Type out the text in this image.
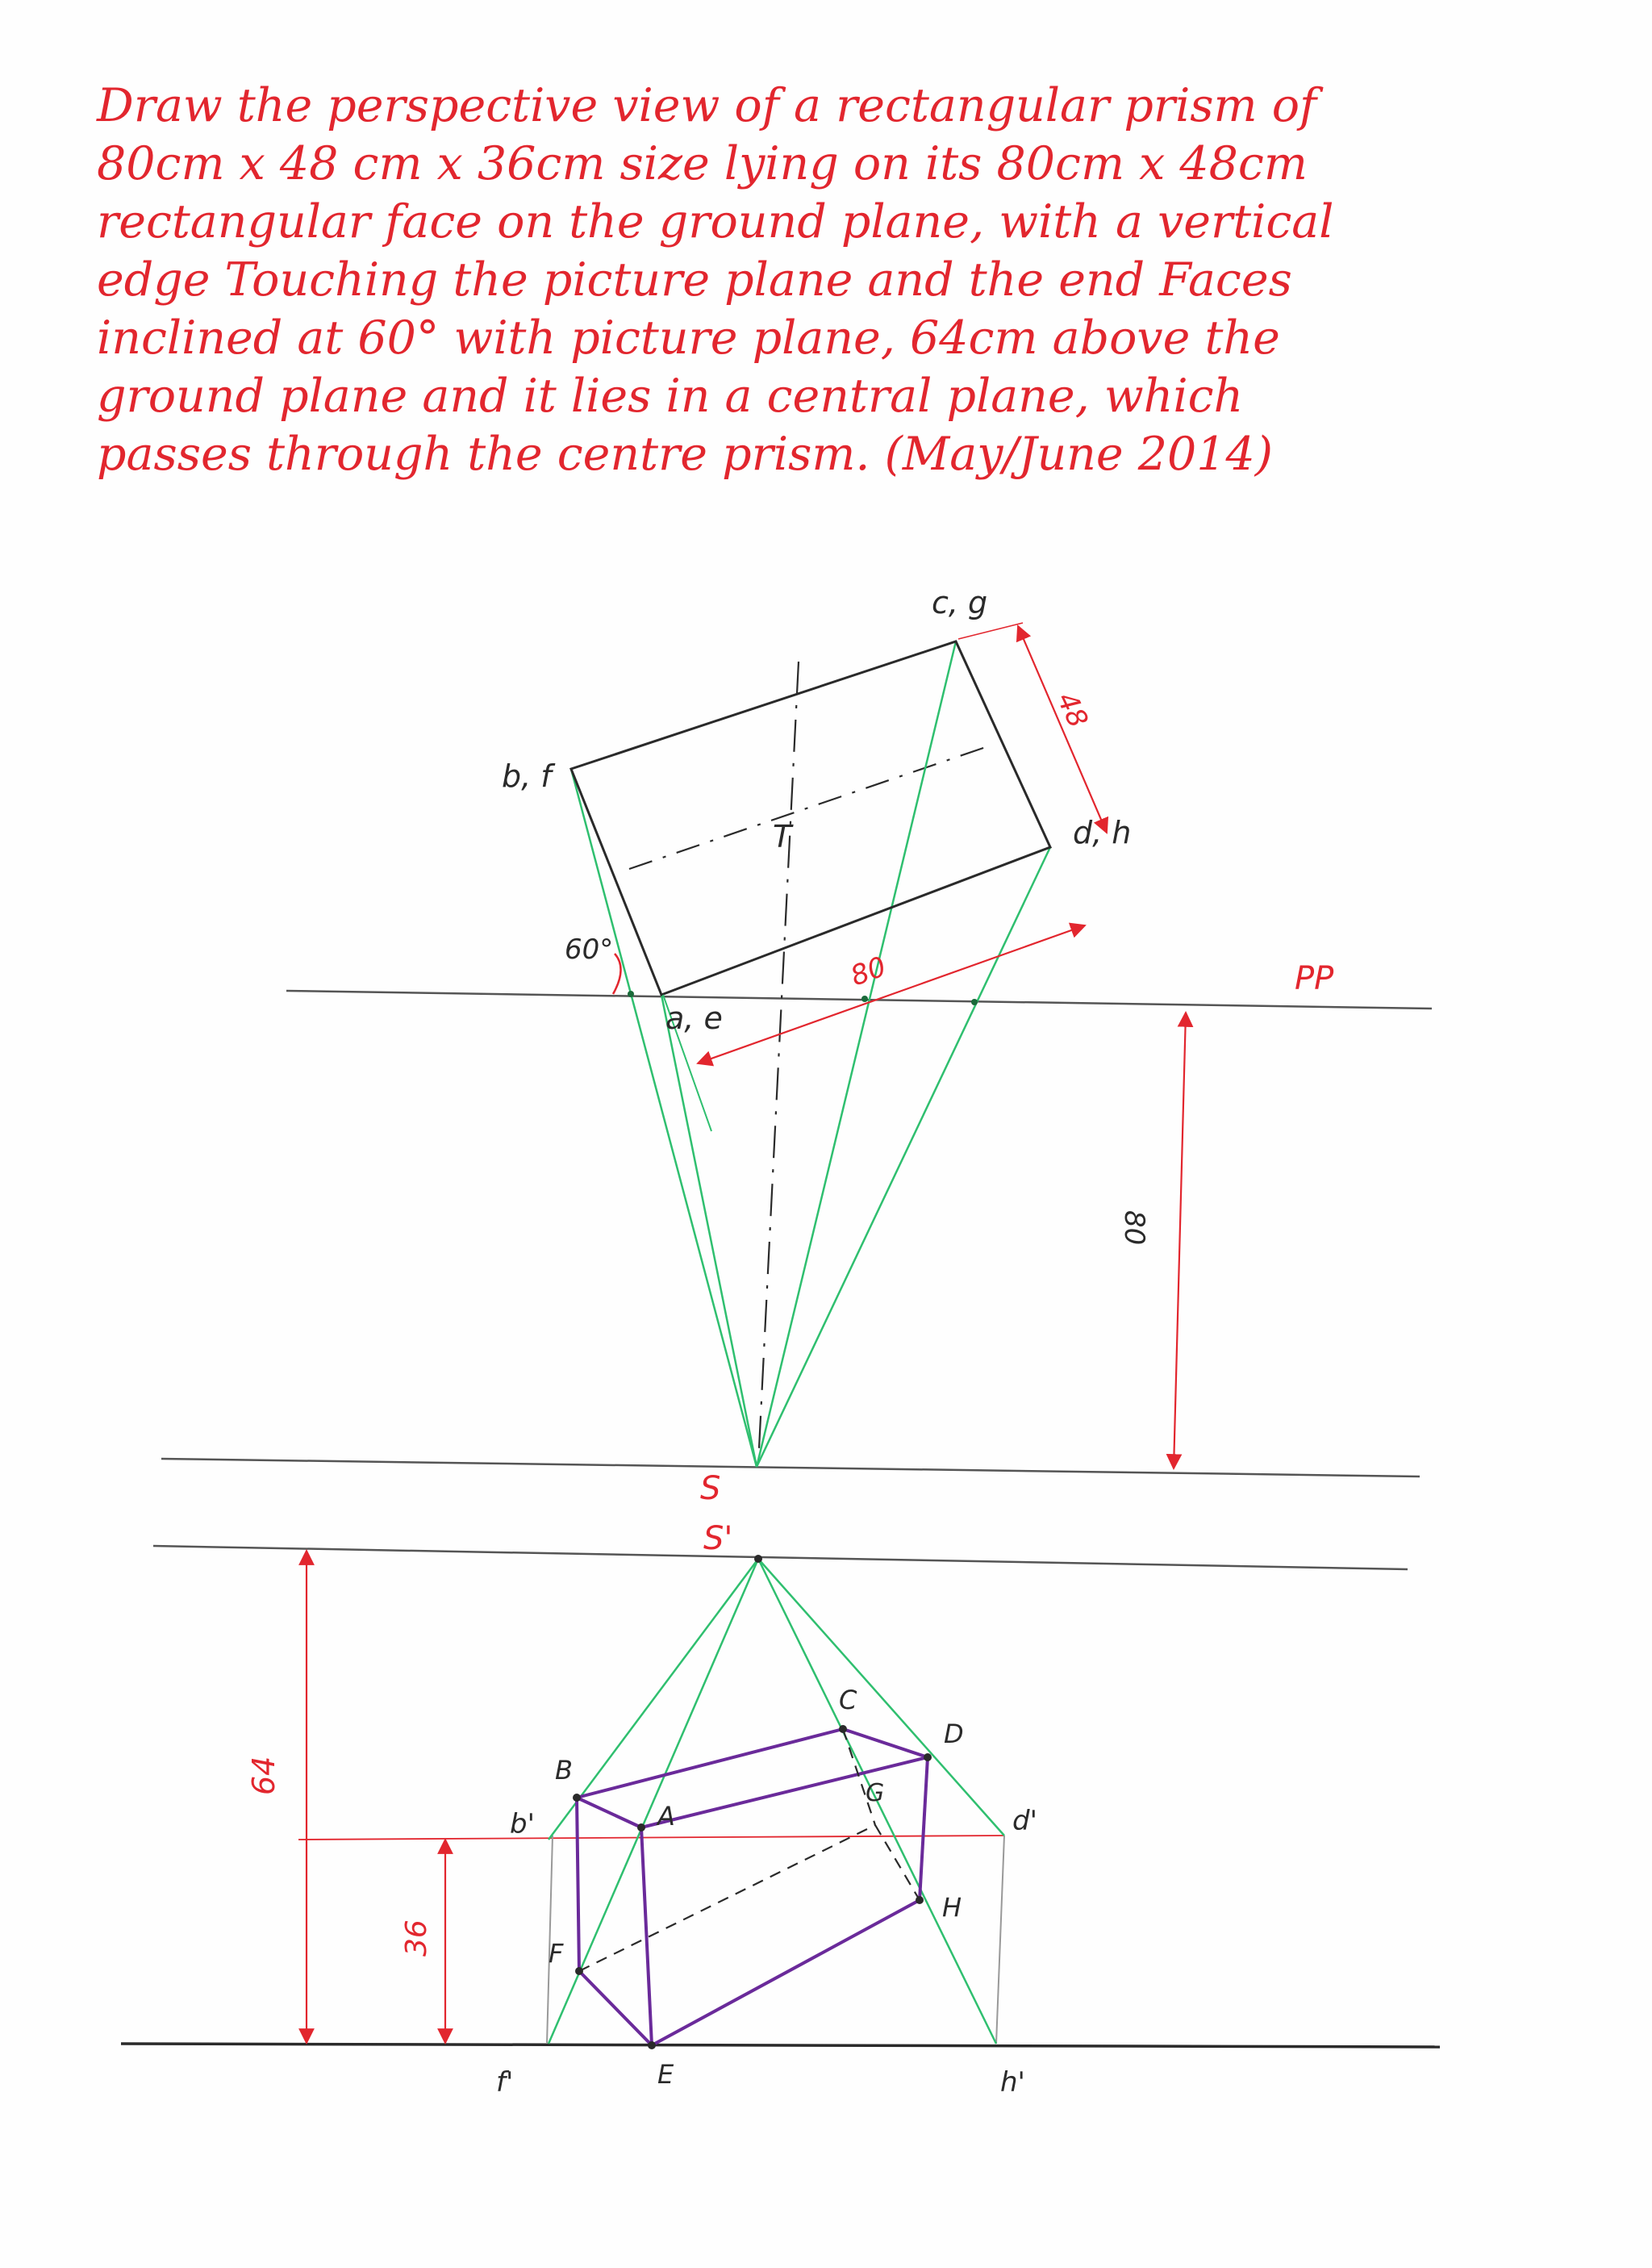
Draw the perspective view of a rectangular prism of
80cm x 48 cm x 36cm size lying on its 80cm x 48cm
rectangular face on the ground plane, with a vertical
edge Touching the picture plane and the end Faces
inclined at 60° with picture plane, 64cm above the
ground plane and it lies in a central plane, which
passes through the centre prism. (May/June 2014)
c, g
b, f
d, h
a, e
T
60°
48
80
80
PP
S
S'
64
36
b'	d'
f'	h'
A
B
C
D
E
F
G
H
